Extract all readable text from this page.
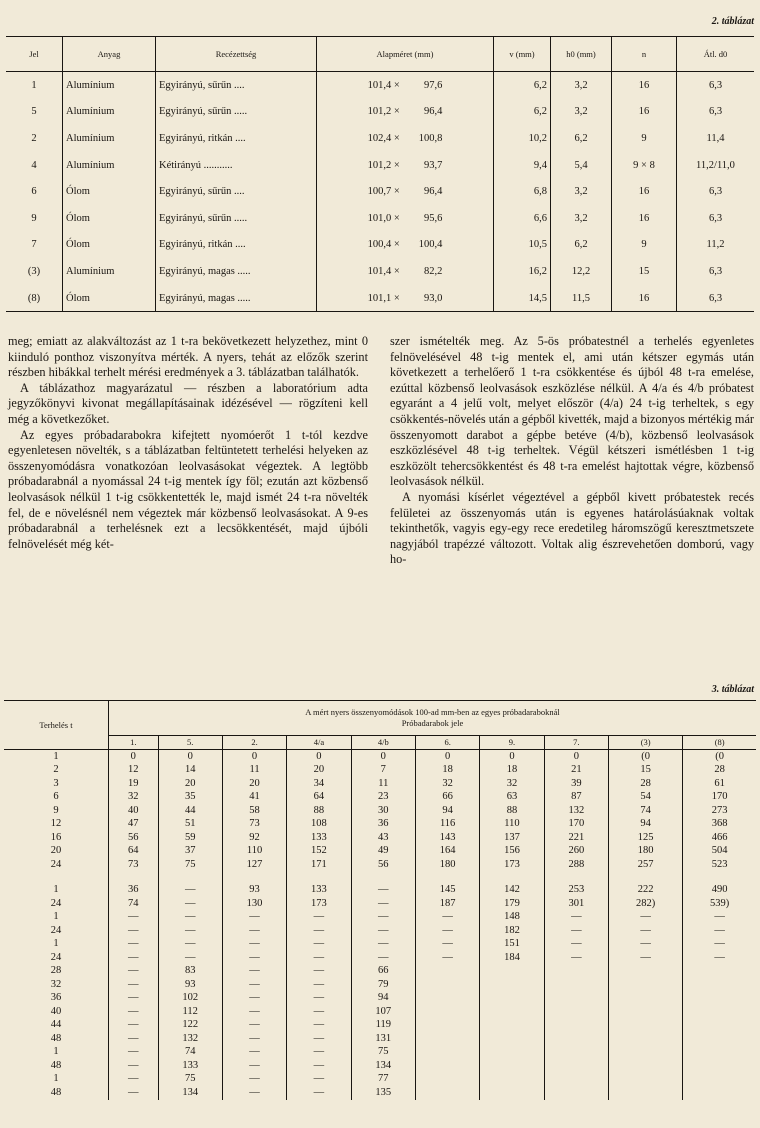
2. táblázat
Jel	Anyag	Recézettség	Alapméret (mm)	v (mm)	h0 (mm)	n	Átl. d0
1	Alumínium	Egyirányú, sűrűn ....	101,4 × 97,6	6,2	3,2	16	6,3
5	Alumínium	Egyirányú, sűrűn .....	101,2 × 96,4	6,2	3,2	16	6,3
2	Alumínium	Egyirányú, ritkán ....	102,4 × 100,8	10,2	6,2	9	11,4
4	Alumínium	Kétirányú ...........	101,2 × 93,7	9,4	5,4	9 × 8	11,2/11,0
6	Ólom	Egyirányú, sűrűn ....	100,7 × 96,4	6,8	3,2	16	6,3
9	Ólom	Egyirányú, sűrűn .....	101,0 × 95,6	6,6	3,2	16	6,3
7	Ólom	Egyirányú, ritkán ....	100,4 × 100,4	10,5	6,2	9	11,2
(3)	Alumínium	Egyirányú, magas .....	101,4 × 82,2	16,2	12,2	15	6,3
(8)	Ólom	Egyirányú, magas .....	101,1 × 93,0	14,5	11,5	16	6,3

meg; emiatt az alakváltozást az 1 t-ra bekövetkezett helyzethez, mint 0 kiinduló ponthoz viszonyítva mérték. A nyers, tehát az előzők szerint részben hibákkal terhelt mérési eredmények a 3. táblázatban találhatók.

A táblázathoz magyarázatul — részben a laboratórium adta jegyzőkönyvi kivonat megállapításainak idézésével — rögzíteni kell még a következőket.

Az egyes próbadarabokra kifejtett nyomóerőt 1 t-tól kezdve egyenletesen növelték, s a táblázatban feltüntetett terhelési helyeken az összenyomódásra vonatkozóan leolvasásokat végeztek. A legtöbb próbadarabnál a nyomással 24 t-ig mentek így föl; ezután azt közbenső leolvasások nélkül 1 t-ig csökkentették le, majd ismét 24 t-ra növelték fel, de e növelésnél nem végeztek már közbenső leolvasásokat. A 9-es próbadarabnál a terhelésnek ezt a lecsökkentését, majd újbóli felnövelését még két-

szer ismételték meg. Az 5-ös próbatestnél a terhelés egyenletes felnövelésével 48 t-ig mentek el, ami után kétszer egymás után következett a terhelőerő 1 t-ra csökkentése és újból 48 t-ra emelése, ezúttal közbenső leolvasások eszközlése nélkül. A 4/a és 4/b próbatest egyaránt a 4 jelű volt, melyet először (4/a) 24 t-ig terheltek, s egy csökkentés-növelés után a gépből kivették, majd a bizonyos mértékig már összenyomott darabot a gépbe betéve (4/b), közbenső leolvasások eszközlésével 48 t-ig terheltek. Végül kétszeri ismétlésben 1 t-ig eszközölt tehercsökkentést és 48 t-ra emelést hajtottak végre, közbenső leolvasások nélkül.

A nyomási kísérlet végeztével a gépből kivett próbatestek recés felületei az összenyomás után is egyenes határolásúaknak voltak tekinthetők, vagyis egy-egy rece eredetileg háromszögű keresztmetszete nagyjából trapézzé változott. Voltak alig észrevehetően domború, vagy ho-

3. táblázat
Terhelés t	A mért nyers összenyomódások 100-ad mm-ben az egyes próbadaraboknál
Próbadarabok jele									

	1.	5.	2.	4/a	4/b	6.	9.	7.	(3)	(8)
1	0	0	0	0	0	0	0	0	(0	(0
2	12	14	11	20	7	18	18	21	15	28
3	19	20	20	34	11	32	32	39	28	61
6	32	35	41	64	23	66	63	87	54	170
9	40	44	58	88	30	94	88	132	74	273
12	47	51	73	108	36	116	110	170	94	368
16	56	59	92	133	43	143	137	221	125	466
20	64	37	110	152	49	164	156	260	180	504
24	73	75	127	171	56	180	173	288	257	523

1	36	—	93	133	—	145	142	253	222	490
24	74	—	130	173	—	187	179	301	282)	539)
1	—	—	—	—	—	—	148	—	—	—
24	—	—	—	—	—	—	182	—	—	—
1	—	—	—	—	—	—	151	—	—	—
24	—	—	—	—	—	—	184	—	—	—
28	—	83	—	—	66					
32	—	93	—	—	79					
36	—	102	—	—	94					
40	—	112	—	—	107					
44	—	122	—	—	119					
48	—	132	—	—	131					
1	—	74	—	—	75					
48	—	133	—	—	134					
1	—	75	—	—	77					
48	—	134	—	—	135					
